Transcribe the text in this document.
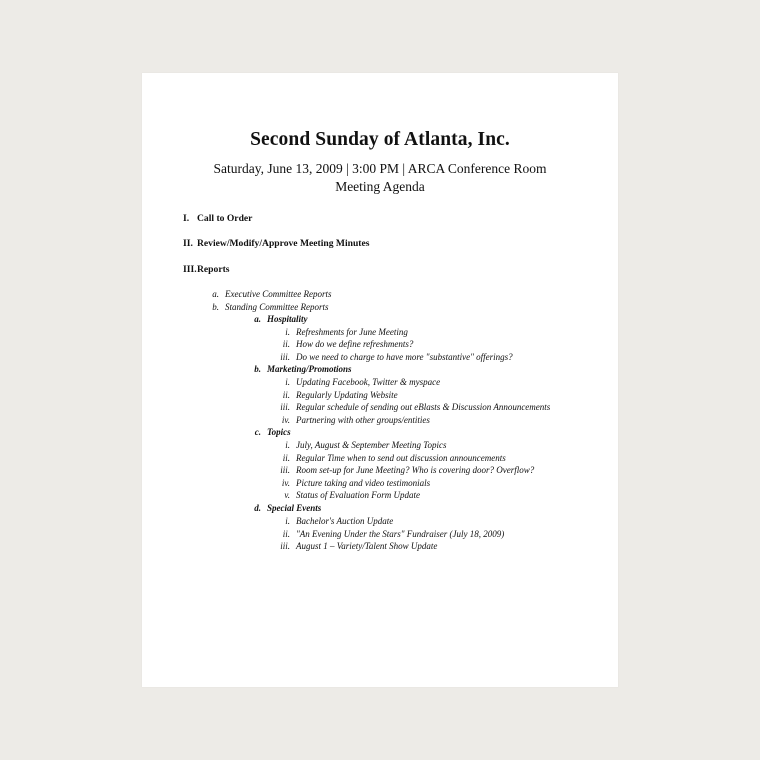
Second Sunday of Atlanta, Inc.
Saturday, June 13, 2009 | 3:00 PM | ARCA Conference Room
Meeting Agenda
I. Call to Order
II. Review/Modify/Approve Meeting Minutes
III.Reports
a. Executive Committee Reports
b. Standing Committee Reports
a. Hospitality
i. Refreshments for June Meeting
ii. How do we define refreshments?
iii. Do we need to charge to have more "substantive" offerings?
b. Marketing/Promotions
i. Updating Facebook, Twitter & myspace
ii. Regularly Updating Website
iii. Regular schedule of sending out eBlasts & Discussion Announcements
iv. Partnering with other groups/entities
c. Topics
i. July, August & September Meeting Topics
ii. Regular Time when to send out discussion announcements
iii. Room set-up for June Meeting? Who is covering door? Overflow?
iv. Picture taking and video testimonials
v. Status of Evaluation Form Update
d. Special Events
i. Bachelor's Auction Update
ii. "An Evening Under the Stars" Fundraiser (July 18, 2009)
iii. August 1 – Variety/Talent Show Update
